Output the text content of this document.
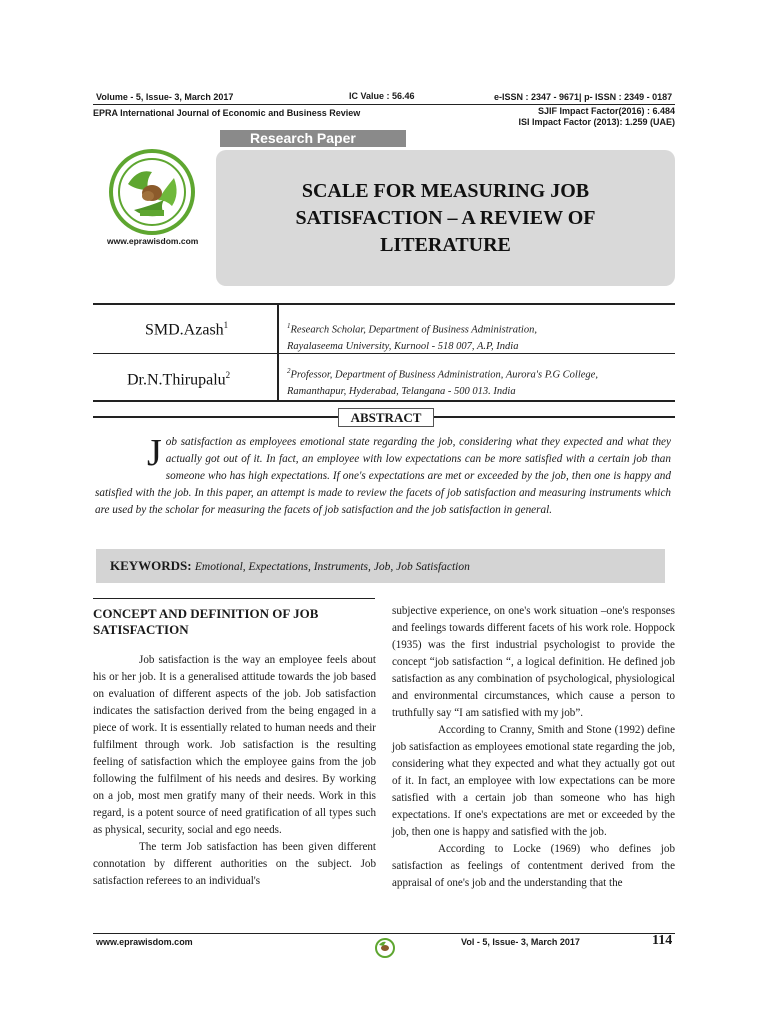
Volume - 5, Issue- 3, March 2017	IC Value : 56.46	e-ISSN : 2347 - 9671| p- ISSN : 2349 - 0187
EPRA International Journal of Economic and Business Review	SJIF Impact Factor(2016) : 6.484
ISI Impact Factor (2013): 1.259 (UAE)
Research Paper
www.eprawisdom.com
SCALE FOR MEASURING JOB
SATISFACTION – A REVIEW OF
LITERATURE
SMD.Azash$^1$	$^1$Research Scholar, Department of Business Administration,
Rayalaseema University, Kurnool - 518 007, A.P, India
Dr.N.Thirupalu$^2$	$^2$Professor, Department of Business Administration, Aurora's P.G College,
Ramanthapur, Hyderabad, Telangana - 500 013. India
ABSTRACT
Job satisfaction as employees emotional state regarding the job, considering what they expected and what they actually got out of it. In fact, an employee with low expectations can be more satisfied with a certain job than someone who has high expectations. If one's expectations are met or exceeded by the job, then one is happy and satisfied with the job. In this paper, an attempt is made to review the facets of job satisfaction and measuring instruments which are used by the scholar for measuring the facets of job satisfaction and the job satisfaction in general.
KEYWORDS: Emotional, Expectations, Instruments, Job, Job Satisfaction
CONCEPT AND DEFINITION OF JOB SATISFACTION

Job satisfaction is the way an employee feels about his or her job. It is a generalised attitude towards the job based on evaluation of different aspects of the job. Job satisfaction indicates the satisfaction derived from the being engaged in a piece of work. It is essentially related to human needs and their fulfilment through work. Job satisfaction is the resulting feeling of satisfaction which the employee gains from the job following the fulfilment of his needs and desires. By working on a job, most men gratify many of their needs. Work in this regard, is a potent source of need gratification of all types such as physical, security, social and ego needs.

The term Job satisfaction has been given different connotation by different authorities on the subject. Job satisfaction referees to an individual's

subjective experience, on one's work situation –one's responses and feelings towards different facets of his work role. Hoppock (1935) was the first industrial psychologist to provide the concept “job satisfaction “, a logical definition. He defined job satisfaction as any combination of psychological, physiological and environmental circumstances, which cause a person to truthfully say “I am satisfied with my job”.

According to Cranny, Smith and Stone (1992) define job satisfaction as employees emotional state regarding the job, considering what they expected and what they actually got out of it. In fact, an employee with low expectations can be more satisfied with a certain job than someone who has high expectations. If one's expectations are met or exceeded by the job, then one is happy and satisfied with the job.

According to Locke (1969) who defines job satisfaction as feelings of contentment derived from the appraisal of one's job and the understanding that the

www.eprawisdom.com	Vol - 5, Issue- 3, March 2017	114
